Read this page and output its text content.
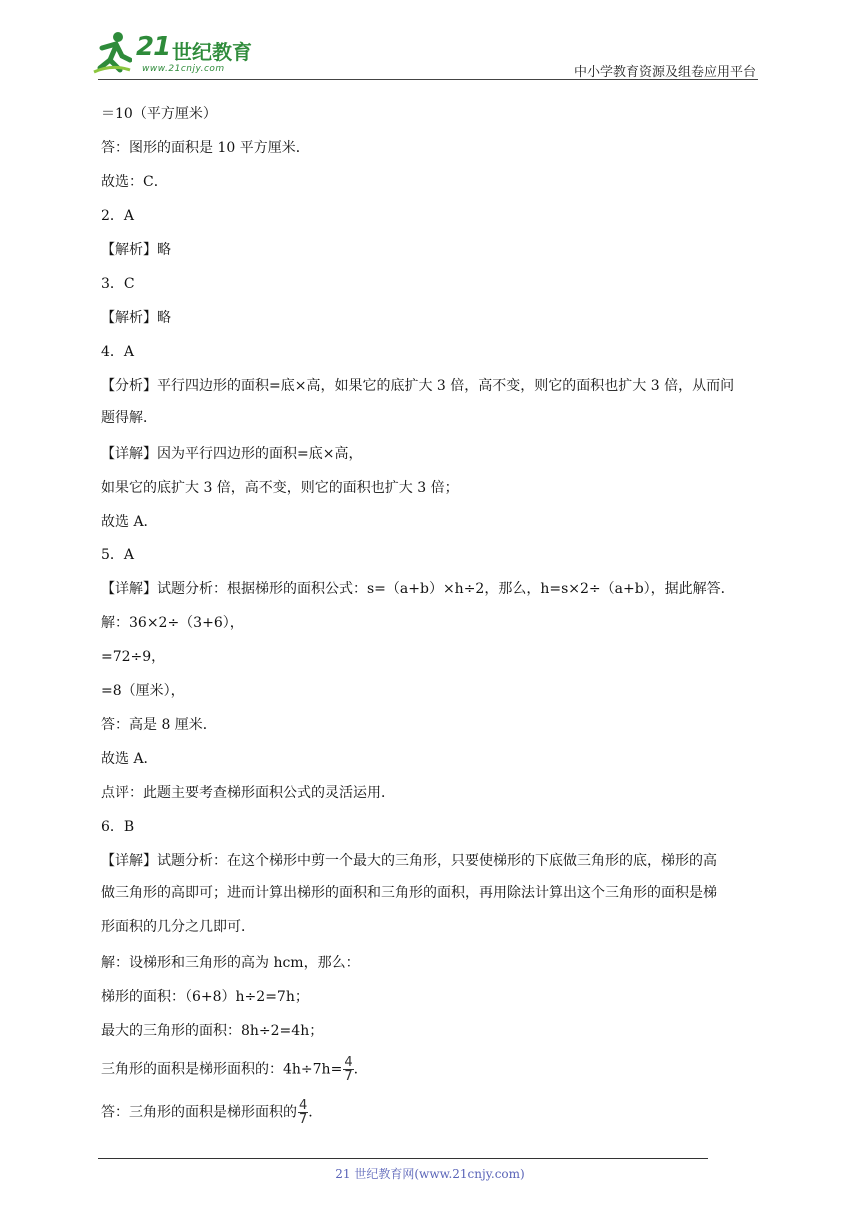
21 世纪教育
www.21cnjy.com	中小学教育资源及组卷应用平台
＝10（平方厘米）
答：图形的面积是 10 平方厘米．
故选：C．
2．A
【解析】略
3．C
【解析】略
4．A
【分析】平行四边形的面积=底×高，如果它的底扩大 3 倍，高不变，则它的面积也扩大 3 倍，从而问
题得解．
【详解】因为平行四边形的面积=底×高，
如果它的底扩大 3 倍，高不变，则它的面积也扩大 3 倍；
故选 A．
5．A
【详解】试题分析：根据梯形的面积公式：s=（a+b）×h÷2，那么，h=s×2÷（a+b），据此解答．
解：36×2÷（3+6），
=72÷9，
=8（厘米），
答：高是 8 厘米．
故选 A．
点评：此题主要考查梯形面积公式的灵活运用．
6．B
【详解】试题分析：在这个梯形中剪一个最大的三角形，只要使梯形的下底做三角形的底，梯形的高
做三角形的高即可；进而计算出梯形的面积和三角形的面积，再用除法计算出这个三角形的面积是梯
形面积的几分之几即可．
解：设梯形和三角形的高为 hcm，那么：
梯形的面积：（6+8）h÷2=7h；
最大的三角形的面积：8h÷2=4h；
三角形的面积是梯形面积的：$4h\div 7h= \frac{4}{7}$ .
答：三角形的面积是梯形面积的 $\frac{4}{7}$ .
21 世纪教育网(www.21cnjy.com)
